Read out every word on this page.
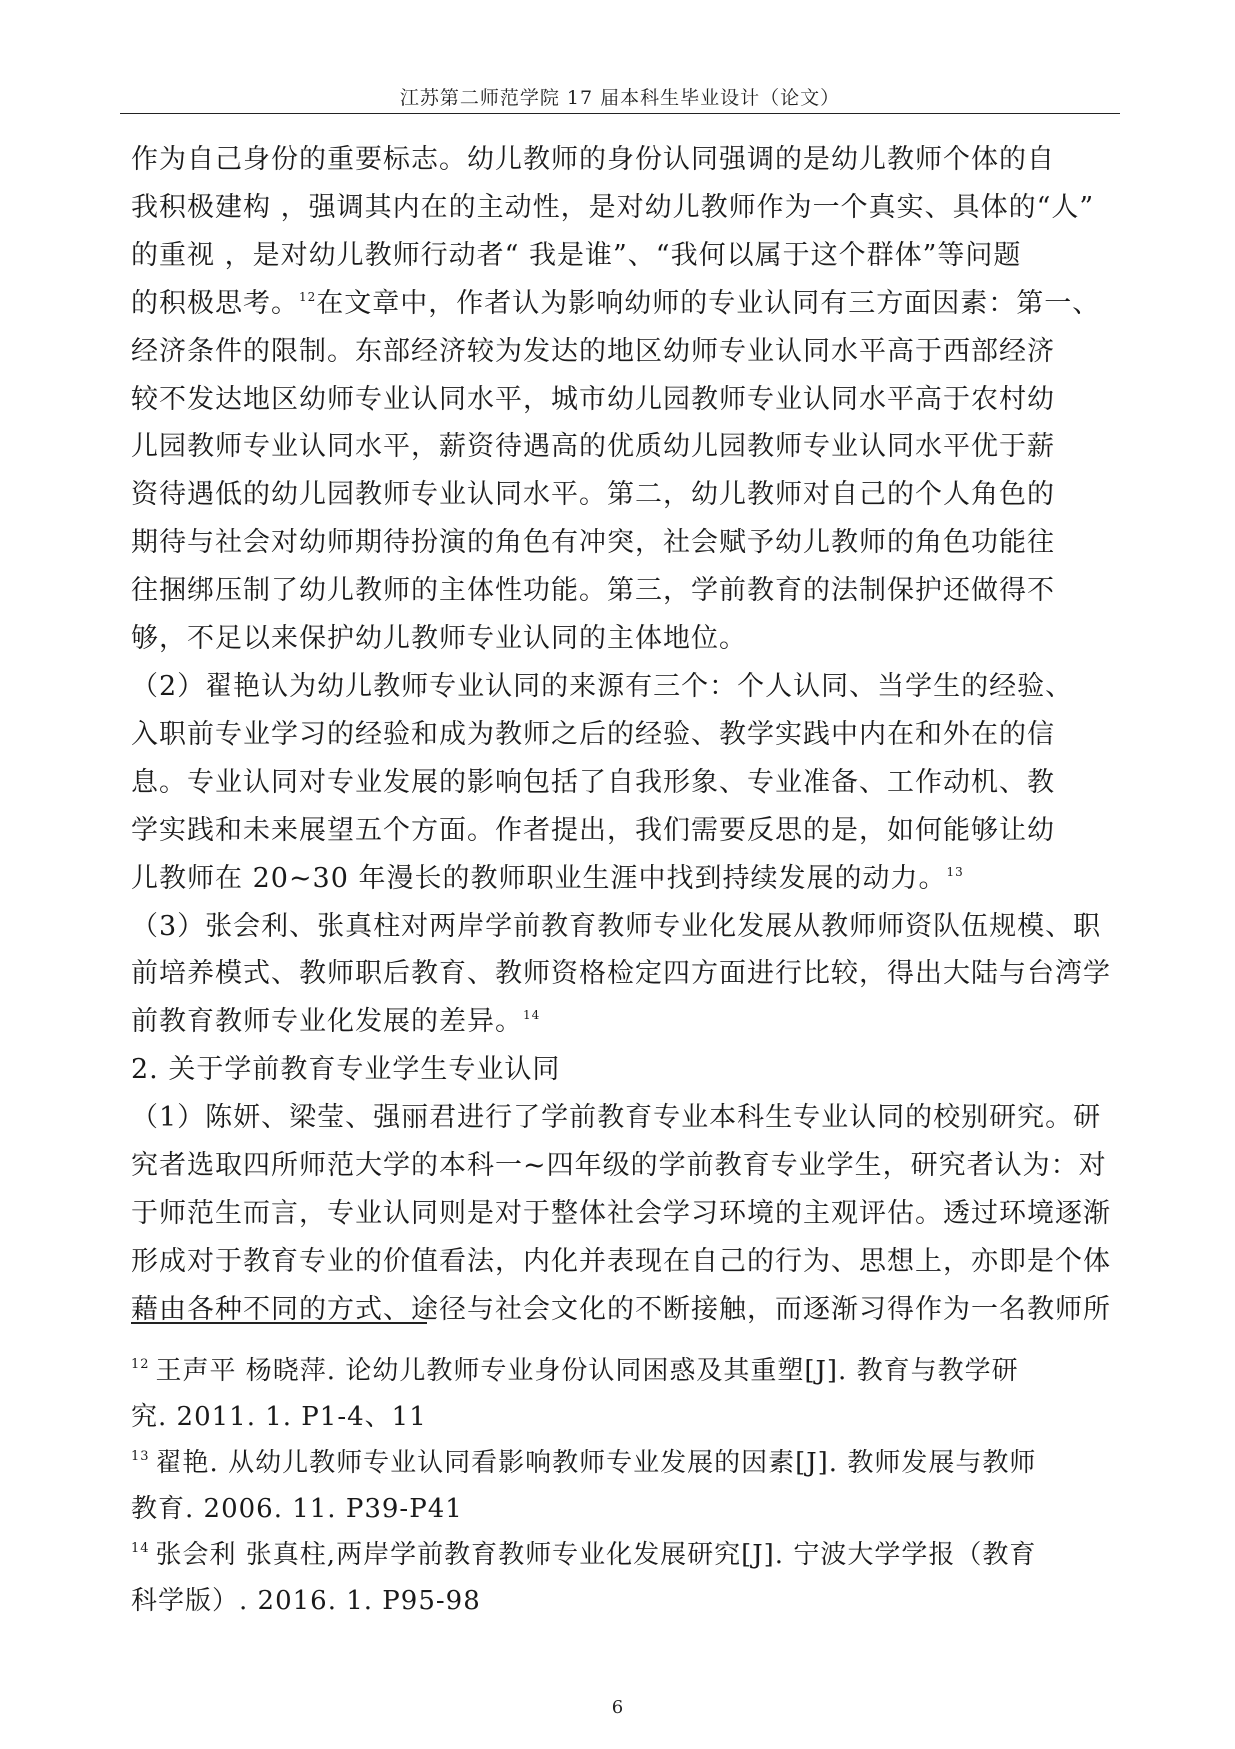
江苏第二师范学院 17 届本科生毕业设计（论文）
作为自己身份的重要标志。幼儿教师的身份认同强调的是幼儿教师个体的自
我积极建构 ，强调其内在的主动性，是对幼儿教师作为一个真实、具体的“人”
的重视 ，是对幼儿教师行动者“ 我是谁”、“我何以属于这个群体”等问题
的积极思考。$^{12}$在文章中，作者认为影响幼师的专业认同有三方面因素：第一、
经济条件的限制。东部经济较为发达的地区幼师专业认同水平高于西部经济
较不发达地区幼师专业认同水平，城市幼儿园教师专业认同水平高于农村幼
儿园教师专业认同水平，薪资待遇高的优质幼儿园教师专业认同水平优于薪
资待遇低的幼儿园教师专业认同水平。第二，幼儿教师对自己的个人角色的
期待与社会对幼师期待扮演的角色有冲突，社会赋予幼儿教师的角色功能往
往捆绑压制了幼儿教师的主体性功能。第三，学前教育的法制保护还做得不
够，不足以来保护幼儿教师专业认同的主体地位。
（2）翟艳认为幼儿教师专业认同的来源有三个：个人认同、当学生的经验、
入职前专业学习的经验和成为教师之后的经验、教学实践中内在和外在的信
息。专业认同对专业发展的影响包括了自我形象、专业准备、工作动机、教
学实践和未来展望五个方面。作者提出，我们需要反思的是，如何能够让幼
儿教师在 20~30 年漫长的教师职业生涯中找到持续发展的动力。$^{13}$
（3）张会利、张真柱对两岸学前教育教师专业化发展从教师师资队伍规模、职
前培养模式、教师职后教育、教师资格检定四方面进行比较，得出大陆与台湾学
前教育教师专业化发展的差异。$^{14}$
2. 关于学前教育专业学生专业认同
（1）陈妍、梁莹、强丽君进行了学前教育专业本科生专业认同的校别研究。研
究者选取四所师范大学的本科一~四年级的学前教育专业学生，研究者认为：对
于师范生而言，专业认同则是对于整体社会学习环境的主观评估。透过环境逐渐
形成对于教育专业的价值看法，内化并表现在自己的行为、思想上，亦即是个体
藉由各种不同的方式、途径与社会文化的不断接触，而逐渐习得作为一名教师所
$^{12}$ 王声平 杨晓萍. 论幼儿教师专业身份认同困惑及其重塑[J]. 教育与教学研
究. 2011. 1. P1-4、11
$^{13}$ 翟艳. 从幼儿教师专业认同看影响教师专业发展的因素[J]. 教师发展与教师
教育. 2006. 11. P39-P41
$^{14}$ 张会利 张真柱,两岸学前教育教师专业化发展研究[J]. 宁波大学学报（教育
科学版）. 2016. 1. P95-98
6
